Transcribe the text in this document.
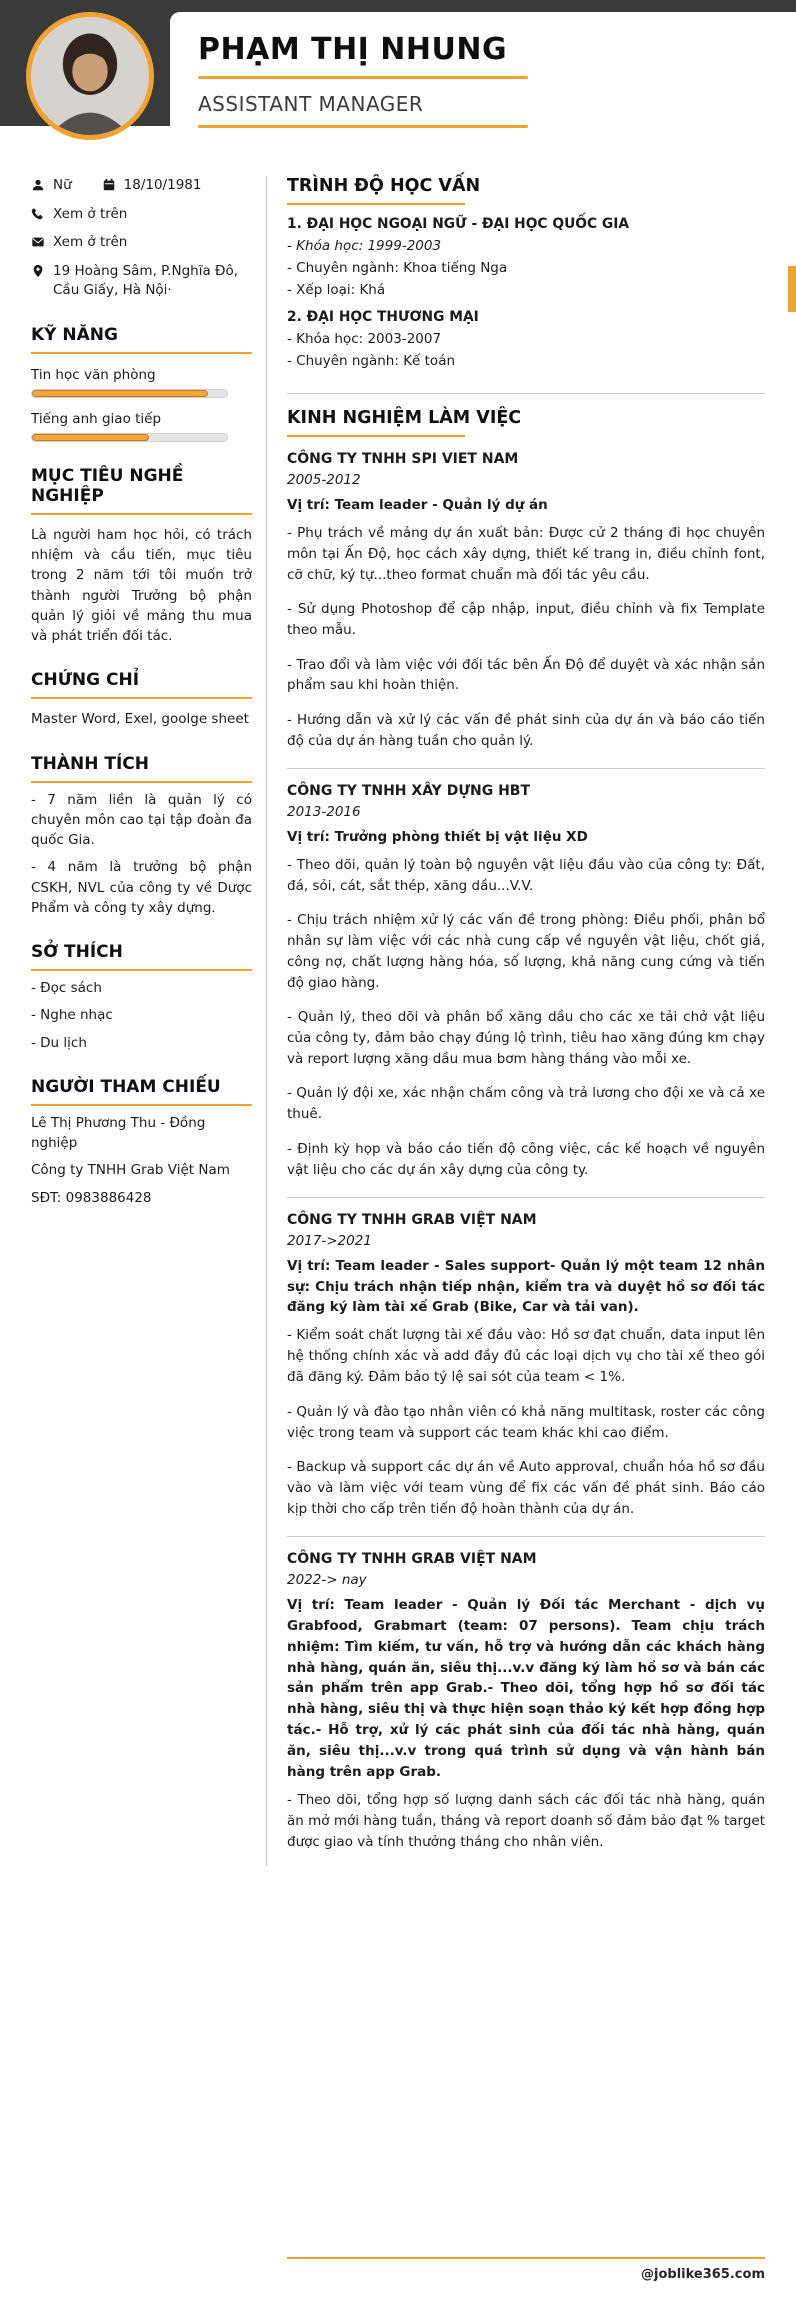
PHẠM THỊ NHUNG
ASSISTANT MANAGER
Nữ	18/10/1981
Xem ở trên
Xem ở trên
19 Hoàng Sâm, P.Nghĩa Đô, Cầu Giấy, Hà Nội·
KỸ NĂNG
Tin học văn phòng
Tiếng anh giao tiếp
MỤC TIÊU NGHỀ NGHIỆP

Là người ham học hỏi, có trách nhiệm và cầu tiến, mục tiêu trong 2 năm tới tôi muốn trở thành người Trưởng bộ phận quản lý giỏi về mảng thu mua và phát triển đối tác.

CHỨNG CHỈ

Master Word, Exel, goolge sheet

THÀNH TÍCH

- 7 năm liền là quản lý có chuyên môn cao tại tập đoàn đa quốc Gia.

- 4 năm là trưởng bộ phận CSKH, NVL của công ty về Dược Phẩm và công ty xây dựng.

SỞ THÍCH

- Đọc sách

- Nghe nhạc

- Du lịch

NGƯỜI THAM CHIẾU

Lê Thị Phương Thu - Đồng nghiệp

Công ty TNHH Grab Việt Nam

SĐT: 0983886428

TRÌNH ĐỘ HỌC VẤN
1. ĐẠI HỌC NGOẠI NGỮ - ĐẠI HỌC QUỐC GIA
- Khóa học: 1999-2003
- Chuyên ngành: Khoa tiếng Nga
- Xếp loại: Khá
2. ĐẠI HỌC THƯƠNG MẠI
- Khóa học: 2003-2007
- Chuyên ngành: Kế toán
KINH NGHIỆM LÀM VIỆC
CÔNG TY TNHH SPI VIET NAM
2005-2012
Vị trí: Team leader - Quản lý dự án

- Phụ trách về mảng dự án xuất bản: Được cử 2 tháng đi học chuyên môn tại Ấn Độ, học cách xây dựng, thiết kế trang in, điều chỉnh font, cỡ chữ, ký tự...theo format chuẩn mà đối tác yêu cầu.

- Sử dụng Photoshop để cập nhập, input, điều chỉnh và fix Template theo mẫu.

- Trao đổi và làm việc với đối tác bên Ấn Độ để duyệt và xác nhận sản phẩm sau khi hoàn thiện.

- Hướng dẫn và xử lý các vấn đề phát sinh của dự án và báo cáo tiến độ của dự án hàng tuần cho quản lý.

CÔNG TY TNHH XÂY DỰNG HBT
2013-2016
Vị trí: Trưởng phòng thiết bị vật liệu XD

- Theo dõi, quản lý toàn bộ nguyên vật liệu đầu vào của công ty: Đất, đá, sỏi, cát, sắt thép, xăng dầu...V.V.

- Chịu trách nhiệm xử lý các vấn đề trong phòng: Điều phối, phân bổ nhân sự làm việc với các nhà cung cấp về nguyên vật liệu, chốt giá, công nợ, chất lượng hàng hóa, số lượng, khả năng cung cứng và tiến độ giao hàng.

- Quản lý, theo dõi và phân bổ xăng dầu cho các xe tải chở vật liệu của công ty, đảm bảo chạy đúng lộ trình, tiêu hao xăng đúng km chạy và report lượng xăng dầu mua bơm hàng tháng vào mỗi xe.

- Quản lý đội xe, xác nhận chấm công và trả lương cho đội xe và cả xe thuê.

- Định kỳ họp và báo cáo tiến độ công việc, các kế hoạch về nguyên vật liệu cho các dự án xây dựng của công ty.

CÔNG TY TNHH GRAB VIỆT NAM
2017->2021
Vị trí: Team leader - Sales support- Quản lý một team 12 nhân sự: Chịu trách nhận tiếp nhận, kiểm tra và duyệt hồ sơ đối tác đăng ký làm tài xế Grab (Bike, Car và tải van).

- Kiểm soát chất lượng tài xế đầu vào: Hồ sơ đạt chuẩn, data input lên hệ thống chính xác và add đầy đủ các loại dịch vụ cho tài xế theo gói đã đăng ký. Đảm bảo tỷ lệ sai sót của team < 1%.

- Quản lý và đào tạo nhân viên có khả năng multitask, roster các công việc trong team và support các team khác khi cao điểm.

- Backup và support các dự án về Auto approval, chuẩn hóa hồ sơ đầu vào và làm việc với team vùng để fix các vấn đề phát sinh. Báo cáo kịp thời cho cấp trên tiến độ hoàn thành của dự án.

CÔNG TY TNHH GRAB VIỆT NAM
2022-> nay
Vị trí: Team leader - Quản lý Đối tác Merchant - dịch vụ Grabfood, Grabmart (team: 07 persons). Team chịu trách nhiệm: Tìm kiếm, tư vấn, hỗ trợ và hướng dẫn các khách hàng nhà hàng, quán ăn, siêu thị...v.v đăng ký làm hồ sơ và bán các sản phẩm trên app Grab.- Theo dõi, tổng hợp hồ sơ đối tác nhà hàng, siêu thị và thực hiện soạn thảo ký kết hợp đồng hợp tác.- Hỗ trợ, xử lý các phát sinh của đối tác nhà hàng, quán ăn, siêu thị...v.v trong quá trình sử dụng và vận hành bán hàng trên app Grab.

- Theo dõi, tổng hợp số lượng danh sách các đối tác nhà hàng, quán ăn mở mới hàng tuần, tháng và report doanh số đảm bảo đạt % target được giao và tính thưởng tháng cho nhân viên.

@joblike365.com
